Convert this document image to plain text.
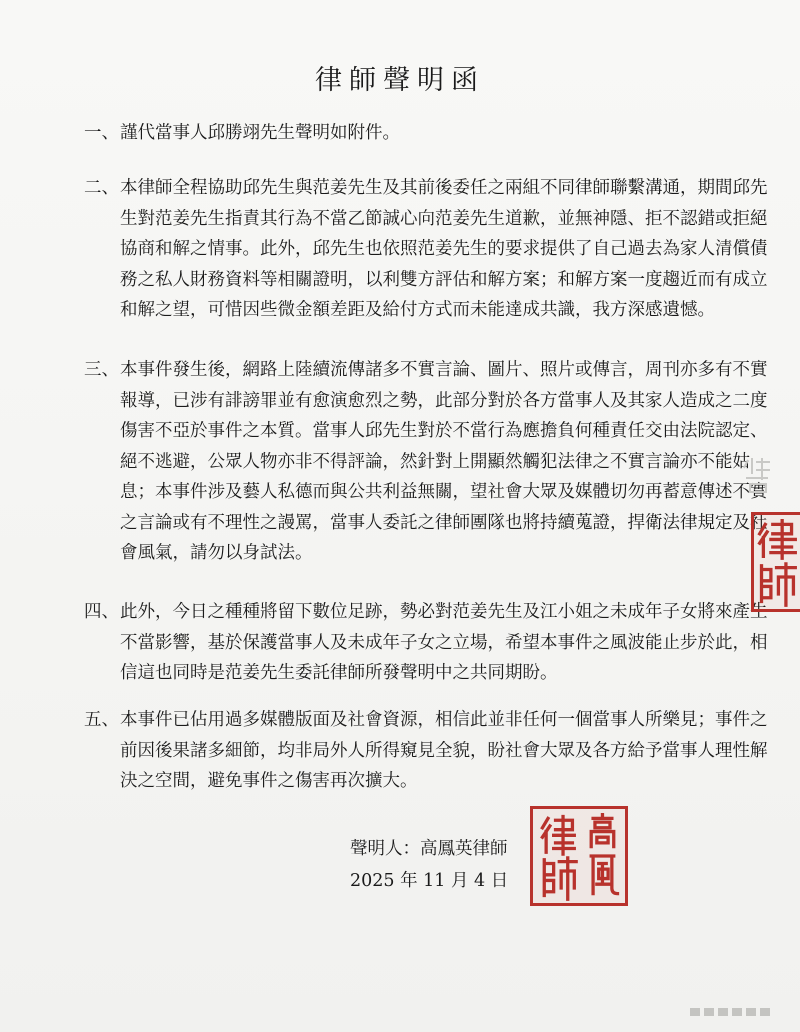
律師聲明函
一、謹代當事人邱勝翊先生聲明如附件。
二、本律師全程協助邱先生與范姜先生及其前後委任之兩組不同律師聯繫溝通，期間邱先生對范姜先生指責其行為不當乙節誠心向范姜先生道歉，並無神隱、拒不認錯或拒絕協商和解之情事。此外，邱先生也依照范姜先生的要求提供了自己過去為家人清償債務之私人財務資料等相關證明，以利雙方評估和解方案；和解方案一度趨近而有成立和解之望，可惜因些微金額差距及給付方式而未能達成共識，我方深感遺憾。
三、本事件發生後，網路上陸續流傳諸多不實言論、圖片、照片或傳言，周刊亦多有不實報導，已涉有誹謗罪並有愈演愈烈之勢，此部分對於各方當事人及其家人造成之二度傷害不亞於事件之本質。當事人邱先生對於不當行為應擔負何種責任交由法院認定、絕不逃避，公眾人物亦非不得評論，然針對上開顯然觸犯法律之不實言論亦不能姑息；本事件涉及藝人私德而與公共利益無關，望社會大眾及媒體切勿再蓄意傳述不實之言論或有不理性之謾罵，當事人委託之律師團隊也將持續蒐證，捍衛法律規定及社會風氣，請勿以身試法。
四、此外，今日之種種將留下數位足跡，勢必對范姜先生及江小姐之未成年子女將來產生不當影響，基於保護當事人及未成年子女之立場，希望本事件之風波能止步於此，相信這也同時是范姜先生委託律師所發聲明中之共同期盼。
五、本事件已佔用過多媒體版面及社會資源，相信此並非任何一個當事人所樂見；事件之前因後果諸多細節，均非局外人所得窺見全貌，盼社會大眾及各方給予當事人理性解決之空間，避免事件之傷害再次擴大。
聲明人：高鳳英律師
2025 年 11 月 4 日
